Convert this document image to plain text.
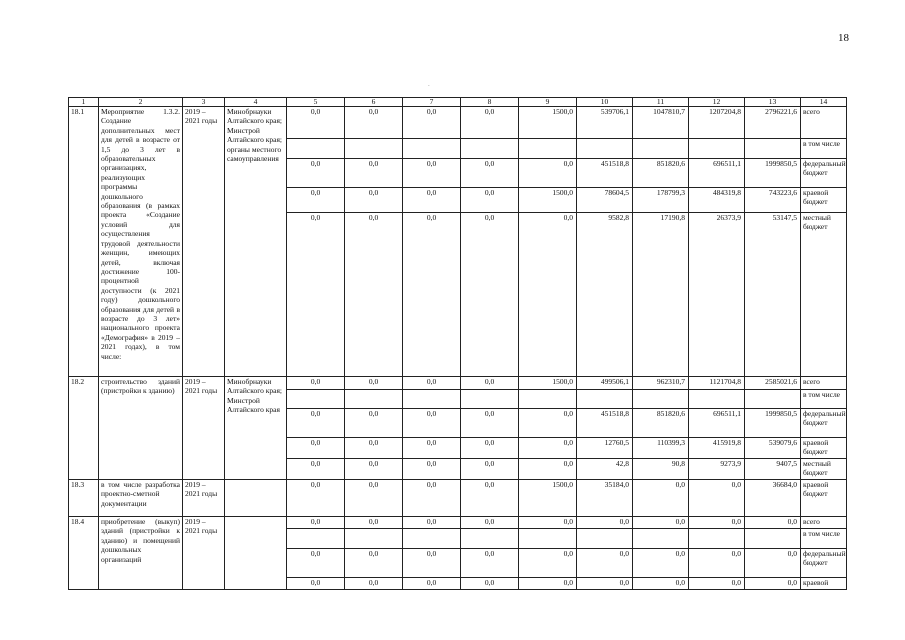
18
.
1	2	3	4	5	6	7	8	9	10	11	12	13	14
18.1	Мероприятие 1.3.2. Создание дополнительных мест для детей в возрасте от 1,5 до 3 лет в образовательных организациях, реализующих программы дошкольного образования (в рамках проекта «Создание условий для осуществления трудовой деятельности женщин, имеющих детей, включая достижение 100-процентной доступности (к 2021 году) дошкольного образования для детей в возрасте до 3 лет» национального проекта «Демография» в 2019 – 2021 годах), в том числе:	2019 – 2021 годы	Минобрнауки Алтайского края; Минстрой Алтайского края; органы местного самоуправления	0,0	0,0	0,0	0,0	1500,0	539706,1	1047810,7	1207204,8	2796221,6	всего
													в том числе
				0,0	0,0	0,0	0,0	0,0	451518,8	851820,6	696511,1	1999850,5	федеральный бюджет
				0,0	0,0	0,0	0,0	1500,0	78604,5	178799,3	484319,8	743223,6	краевой бюджет
				0,0	0,0	0,0	0,0	0,0	9582,8	17190,8	26373,9	53147,5	местный бюджет
18.2	строительство зданий (пристройки к зданию)	2019 – 2021 годы	Минобрнауки Алтайского края; Минстрой Алтайского края	0,0	0,0	0,0	0,0	1500,0	499506,1	962310,7	1121704,8	2585021,6	всего
													в том числе
				0,0	0,0	0,0	0,0	0,0	451518,8	851820,6	696511,1	1999850,5	федеральный бюджет
				0,0	0,0	0,0	0,0	0,0	12760,5	110399,3	415919,8	539079,6	краевой бюджет
				0,0	0,0	0,0	0,0	0,0	42,8	90,8	9273,9	9407,5	местный бюджет
18.3	в том числе разработка проектно-сметной документации	2019 – 2021 годы		0,0	0,0	0,0	0,0	1500,0	35184,0	0,0	0,0	36684,0	краевой бюджет
18.4	приобретение (выкуп) зданий (пристройки к зданию) и помещений дошкольных организаций	2019 – 2021 годы		0,0	0,0	0,0	0,0	0,0	0,0	0,0	0,0	0,0	всего
													в том числе
				0,0	0,0	0,0	0,0	0,0	0,0	0,0	0,0	0,0	федеральный бюджет
				0,0	0,0	0,0	0,0	0,0	0,0	0,0	0,0	0,0	краевой
